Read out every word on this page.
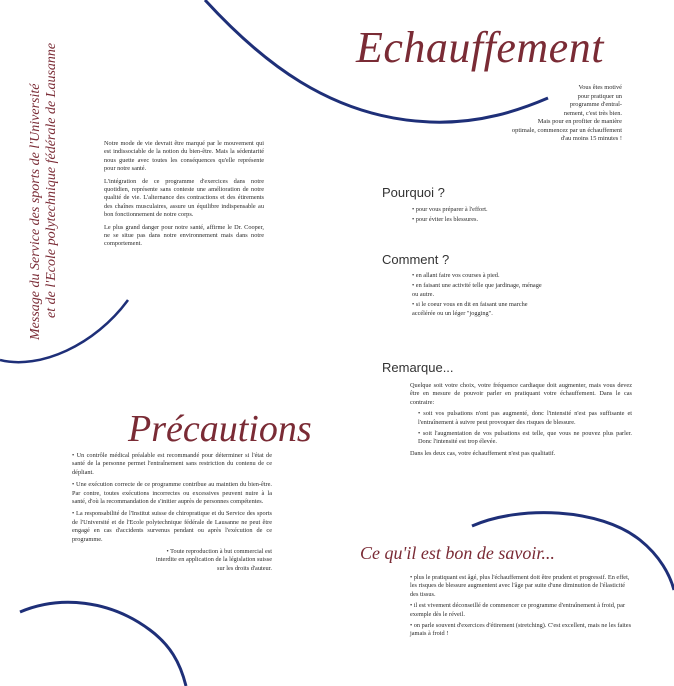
Message du Service des sports de l'Université et de l'Ecole polytechnique fédérale de Lausanne	Echauffement

Vous êtes motivé

pour pratiquer un

programme d'entraî-

nement, c'est très bien.

Mais pour en profiter de manière

optimale, commencez par un échauffement

d'au moins 15 minutes !

Notre mode de vie devrait être marqué par le mouvement qui est indissociable de la notion du bien-être. Mais la sédentarité nous guette avec toutes les conséquences qu'elle représente pour notre santé.

L'intégration de ce programme d'exercices dans notre quotidien, représente sans conteste une amélioration de notre qualité de vie. L'alternance des contractions et des étirements des chaînes musculaires, assure un équilibre indispensable au bon fonctionnement de notre corps.

Le plus grand danger pour notre santé, affirme le Dr. Cooper, ne se situe pas dans notre environnement mais dans notre comportement.

Pourquoi ?

• pour vous préparer à l'effort.

• pour éviter les blessures.

Comment ?

• en allant faire vos courses à pied.

• en faisant une activité telle que jardinage, ménage ou autre.

• si le coeur vous en dit en faisant une marche accélérée ou un léger "jogging".

Remarque...

Quelque soit votre choix, votre fréquence cardiaque doit augmenter, mais vous devez être en mesure de pouvoir parler en pratiquant votre échauffement. Dans le cas contraire:

• soit vos pulsations n'ont pas augmenté, donc l'intensité n'est pas suffisante et l'entraînement à suivre peut provoquer des risques de blessure.

• soit l'augmentation de vos pulsations est telle, que vous ne pouvez plus parler. Donc l'intensité est trop élevée.

Dans les deux cas, votre échauffement n'est pas qualitatif.

Précautions

• Un contrôle médical préalable est recommandé pour déterminer si l'état de santé de la personne permet l'entraînement sans restriction du contenu de ce dépliant.

• Une exécution correcte de ce programme contribue au maintien du bien-être. Par contre, toutes exécutions incorrectes ou excessives peuvent nuire à la santé, d'où la recommandation de s'initier auprès de personnes compétentes.

• La responsabilité de l'Institut suisse de chiropratique et du Service des sports de l'Université et de l'Ecole polytechnique fédérale de Lausanne ne peut être engagé en cas d'accidents survenus pendant ou après l'exécution de ce programme.

• Toute reproduction à but commercial est interdite en application de la législation suisse sur les droits d'auteur.

Ce qu'il est bon de savoir...

• plus le pratiquant est âgé, plus l'échauffement doit être prudent et progressif. En effet, les risques de blessure augmentent avec l'âge par suite d'une diminution de l'élasticité des tissus.

• il est vivement déconseillé de commencer ce programme d'entraînement à froid, par exemple dès le réveil.

• on parle souvent d'exercices d'étirement (stretching). C'est excellent, mais ne les faites jamais à froid !
